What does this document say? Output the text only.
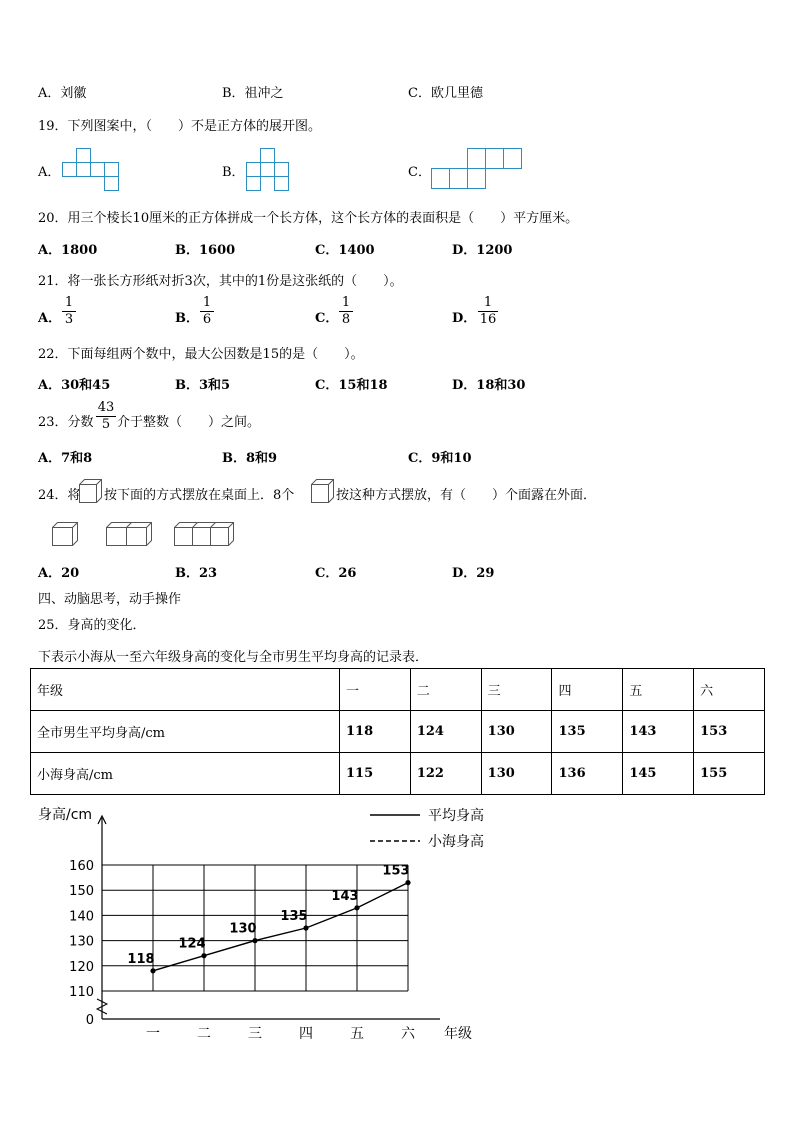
A．刘徽	B．祖冲之	C．欧几里德
19．下列图案中，（　　）不是正方体的展开图。
A．	B．	C．
20．用三个棱长10厘米的正方体拼成一个长方体，这个长方体的表面积是（　　）平方厘米。
A．1800	B．1600	C．1400	D．1200
21．将一张长方形纸对折3次，其中的1份是这张纸的（　　）。
A．
1
3	B．
1
6	C．
1
8	D．
1
16
22．下面每组两个数中，最大公因数是15的是（　　）。
A．30和45	B．3和5	C．15和18	D．18和30
23．分数
43
5 介于整数（　　）之间。
A．7和8	B．8和9	C．9和10
24．将 按下面的方式摆放在桌面上．8个	按这种方式摆放，有（　　）个面露在外面．
A．20	B．23	C．26	D．29
四、动脑思考，动手操作
25．身高的变化．
下表示小海从一至六年级身高的变化与全市男生平均身高的记录表．
年级	一	二	三	四	五	六
全市男生平均身高/cm	118	124	130	135	143	153
小海身高/cm	115	122	130	136	145	155
身高/cm
年级
160
150
140
130
120
110
0
一	二	三	四	五	六
118
124
130
135
143
153
平均身高
小海身高
